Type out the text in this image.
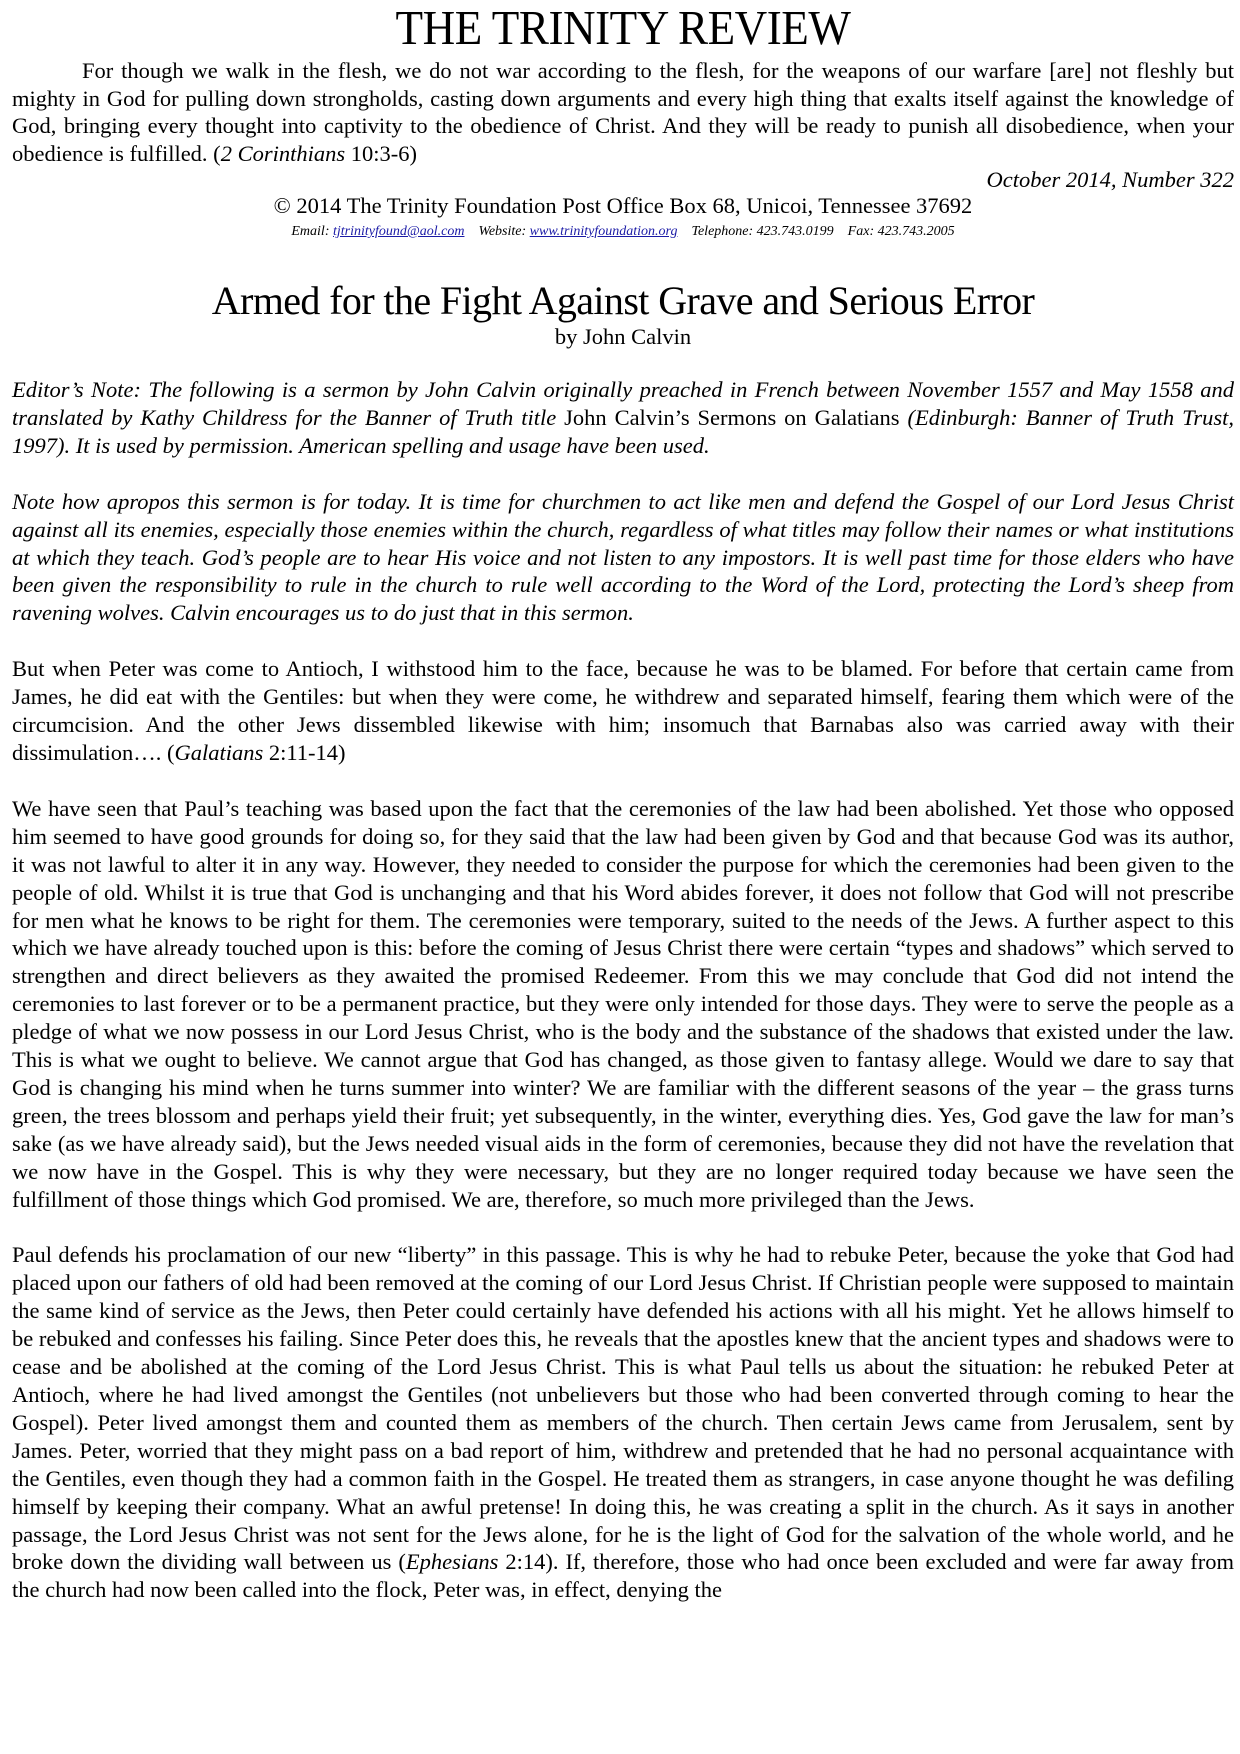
THE TRINITY REVIEW

For though we walk in the flesh, we do not war according to the flesh, for the weapons of our warfare [are] not fleshly but mighty in God for pulling down strongholds, casting down arguments and every high thing that exalts itself against the knowledge of God, bringing every thought into captivity to the obedience of Christ. And they will be ready to punish all disobedience, when your obedience is fulfilled. (2 Corinthians 10:3-6)

October 2014, Number 322
© 2014 The Trinity Foundation Post Office Box 68, Unicoi, Tennessee 37692
Email: tjtrinityfound@aol.com Website: www.trinityfoundation.org Telephone: 423.743.0199 Fax: 423.743.2005
Armed for the Fight Against Grave and Serious Error
by John Calvin

Editor’s Note: The following is a sermon by John Calvin originally preached in French between November 1557 and May 1558 and translated by Kathy Childress for the Banner of Truth title John Calvin’s Sermons on Galatians (Edinburgh: Banner of Truth Trust, 1997). It is used by permission. American spelling and usage have been used.

Note how apropos this sermon is for today. It is time for churchmen to act like men and defend the Gospel of our Lord Jesus Christ against all its enemies, especially those enemies within the church, regardless of what titles may follow their names or what institutions at which they teach. God’s people are to hear His voice and not listen to any impostors. It is well past time for those elders who have been given the responsibility to rule in the church to rule well according to the Word of the Lord, protecting the Lord’s sheep from ravening wolves. Calvin encourages us to do just that in this sermon.

But when Peter was come to Antioch, I withstood him to the face, because he was to be blamed. For before that certain came from James, he did eat with the Gentiles: but when they were come, he withdrew and separated himself, fearing them which were of the circumcision. And the other Jews dissembled likewise with him; insomuch that Barnabas also was carried away with their dissimulation…. (Galatians 2:11-14)

We have seen that Paul’s teaching was based upon the fact that the ceremonies of the law had been abolished. Yet those who opposed him seemed to have good grounds for doing so, for they said that the law had been given by God and that because God was its author, it was not lawful to alter it in any way. However, they needed to consider the purpose for which the ceremonies had been given to the people of old. Whilst it is true that God is unchanging and that his Word abides forever, it does not follow that God will not prescribe for men what he knows to be right for them. The ceremonies were temporary, suited to the needs of the Jews. A further aspect to this which we have already touched upon is this: before the coming of Jesus Christ there were certain “types and shadows” which served to strengthen and direct believers as they awaited the promised Redeemer. From this we may conclude that God did not intend the ceremonies to last forever or to be a permanent practice, but they were only intended for those days. They were to serve the people as a pledge of what we now possess in our Lord Jesus Christ, who is the body and the substance of the shadows that existed under the law. This is what we ought to believe. We cannot argue that God has changed, as those given to fantasy allege. Would we dare to say that God is changing his mind when he turns summer into winter? We are familiar with the different seasons of the year – the grass turns green, the trees blossom and perhaps yield their fruit; yet subsequently, in the winter, everything dies. Yes, God gave the law for man’s sake (as we have already said), but the Jews needed visual aids in the form of ceremonies, because they did not have the revelation that we now have in the Gospel. This is why they were necessary, but they are no longer required today because we have seen the fulfillment of those things which God promised. We are, therefore, so much more privileged than the Jews.

Paul defends his proclamation of our new “liberty” in this passage. This is why he had to rebuke Peter, because the yoke that God had placed upon our fathers of old had been removed at the coming of our Lord Jesus Christ. If Christian people were supposed to maintain the same kind of service as the Jews, then Peter could certainly have defended his actions with all his might. Yet he allows himself to be rebuked and confesses his failing. Since Peter does this, he reveals that the apostles knew that the ancient types and shadows were to cease and be abolished at the coming of the Lord Jesus Christ. This is what Paul tells us about the situation: he rebuked Peter at Antioch, where he had lived amongst the Gentiles (not unbelievers but those who had been converted through coming to hear the Gospel). Peter lived amongst them and counted them as members of the church. Then certain Jews came from Jerusalem, sent by James. Peter, worried that they might pass on a bad report of him, withdrew and pretended that he had no personal acquaintance with the Gentiles, even though they had a common faith in the Gospel. He treated them as strangers, in case anyone thought he was defiling himself by keeping their company. What an awful pretense! In doing this, he was creating a split in the church. As it says in another passage, the Lord Jesus Christ was not sent for the Jews alone, for he is the light of God for the salvation of the whole world, and he broke down the dividing wall between us (Ephesians 2:14). If, therefore, those who had once been excluded and were far away from the church had now been called into the flock, Peter was, in effect, denying the
